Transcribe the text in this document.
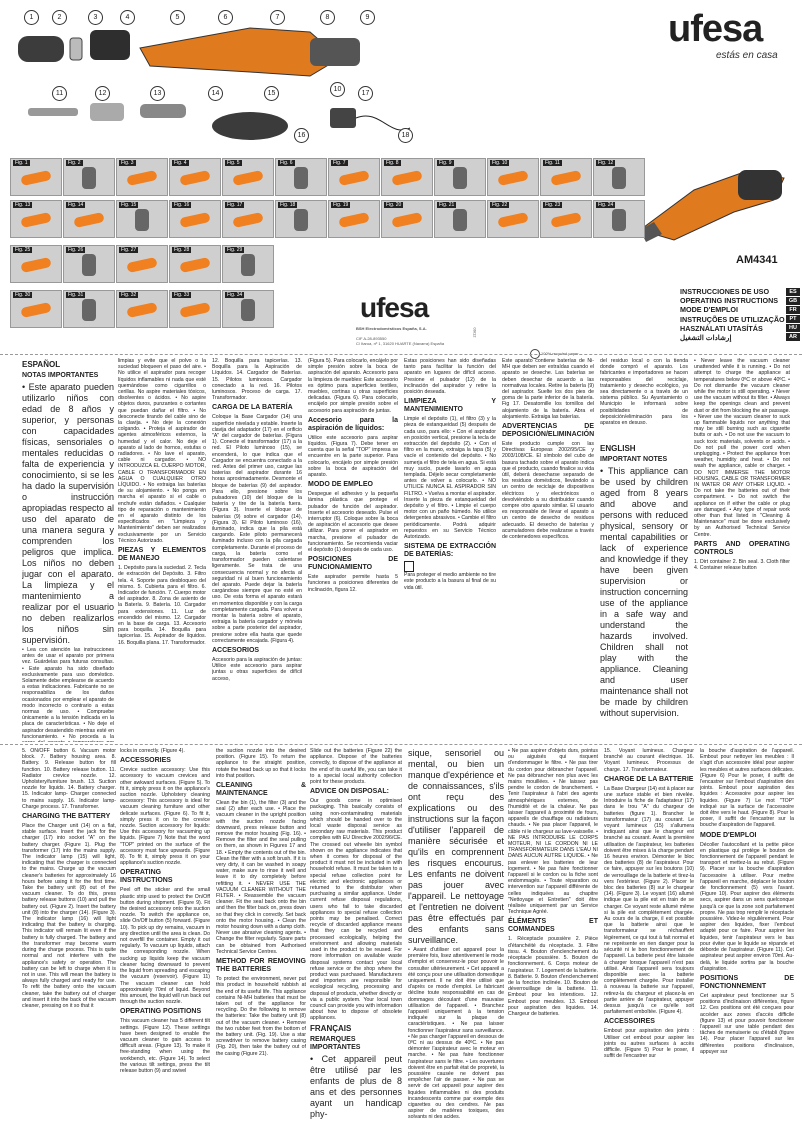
ufesa
estás en casa
1	2	3	4	5	6	7	8	9
10
11	12	13	14	15
16
17
18
AM4341
Fig. 1	Fig. 2	Fig. 3	Fig. 4	Fig. 5	Fig. 6	Fig. 7	Fig. 8	Fig. 9	Fig. 10	Fig. 11	Fig. 12
Fig. 13	Fig. 14	Fig. 15	Fig. 16	Fig. 17	Fig. 18	Fig. 19	Fig. 20	Fig. 21	Fig. 22	Fig. 23	Fig. 24
Fig. 25	Fig. 26	Fig. 27	Fig. 28	Fig. 29
Fig. 30	Fig. 31	Fig. 32	Fig. 33	Fig. 34	ufesa
BSH Electrodomésticos España, S.A.
CIF A-28-893550
C/ Itaroa, nº 1, 31620 HUARTE (Navarra) España
09/12
100% recycled paper
INSTRUCCIONES DE USO
OPERATING INSTRUCTIONS
MODE D'EMPLOI
INSTRUÇÕES DE UTILIZAÇÃO
HASZNÁLATI UTASÍTÁS
إرشادات التشغيل
ES
GB
FR
PT
HU
AR
ESPAÑOL
NOTAS IMPORTANTES

• Este aparato pueden utilizarlo niños con edad de 8 años y superior, y personas con capacidades físicas, sensoriales o mentales reducidas o falta de experiencia y conocimiento, si se les ha dado la supervisión o instrucción apropiadas respecto al uso del aparato de una manera segura y comprenden los peligros que implica. Los niños no deben jugar con el aparato. La limpieza y el mantenimiento a realizar por el usuario no deben realizarlos los niños sin supervisión.

• Lea con atención las instrucciones antes de usar el aparato por primera vez. Guárdelas para futuras consultas. • Este aparato ha sido diseñado exclusivamente para uso doméstico. Solamente debe emplearse de acuerdo a estas indicaciones. Fabricante no se responsabiliza de los daños ocasionados por emplear el aparato de modo incorrecto o contrario a estas normas de uso. • Compruebe únicamente a la tensión indicada en la placa de características. • No deje el aspirador desatendido mientras esté en funcionamiento. • No proceda a la

limpias y evite que el polvo o la suciedad bloqueen el paso del aire. • No utilice el aspirador para recoger líquidos inflamables ni nada que esté quemándose como cigarrillos o cerillas. No aspire materiales tóxicos, disolventes o ácidos. • No aspire objetos duros, punzantes o cortantes que puedan dañar el filtro. • No desconecte tirando del cable sino de la clavija. • No deje la conexión colgando. • Proteja el aspirador de agentes atmosféricos externos, la humedad y el calor. No deje el aparato al lado de hornos, estufas o radiadores. • No lave el aparato, cable ni cargador. • NO INTRODUZCA EL CUERPO MOTOR, CABLE O TRANSFORMADOR EN AGUA O CUALQUIER OTRO LÍQUIDO. • No extraiga las baterías de su alojamiento. • No ponga en marcha el aparato si el cable o enchufe están dañados. • Cualquier tipo de reparación o mantenimiento en el aparato distinto de los especificados en "Limpieza y Mantenimiento" deben ser realizados exclusivamente por un Servicio Técnico Autorizado.

PIEZAS Y ELEMENTOS DE MANEJO

1. Depósito para la suciedad. 2. Tecla de extracción del Depósito. 3. Filtro tela. 4. Soporte para desbloqueo del mismo. 5. Cubierta para el filtro. 6. Indicador de función. 7. Cuerpo motor del aspirador. 8. Zona de asiento de la Batería. 9. Batería. 10. Cargador para extensiones. 11. Luz de encendido del mismo. 12. Cargador en la base de carga. 13. Accesorio para boquilla. 14. Boquilla para tapicerías. 15. Aspirador de líquidos. 16. Boquilla plana. 17. Transformador.

12. Boquilla para tapicerías. 13. Boquilla para la Aspiración de Líquidos. 14. Cargador de Baterías. 15. Pilotos luminosos. Cargador conectado a la red. 16. Pilotos luminosos. Proceso de carga. 17. Transformador.

CARGA DE LA BATERÍA

Coloque la Base Cargador (14) una superficie nivelada y estable. Inserte la clavija del adaptador (17) en el orificio "A" del cargador de baterías. (Figura 1). Conecte el transformador (17) a la red. El Piloto luminoso (15), se encenderá, lo que indica que el Cargador se encuentra conectado a la red. Antes del primer uso, cargue las baterías del aspirador durante 16 horas aproximadamente. Desmonte el bloque de baterías (9) del aspirador. Para ello, presione sobre los pulsadores (10) del bloque de la batería y tire de la batería fuera. (Figura 3). Inserte el bloque de baterías (9) sobre el cargador (14), (Figura 3). El Piloto luminoso (16), iluminado, indica que la pila está cargando. Este piloto permanecerá iluminado incluso con la pila cargada completamente. Durante el proceso de carga, la batería como el transformador pueden calentarse ligeramente. Se trata de una consecuencia normal y no afecta al seguridad ni al buen funcionamiento del aparato. Puede dejar la batería cargándose siempre que no esté en uso. De esta forma el aparato estará en momentos disponible y con la carga completamente cargada. Para volver a montar la batería sobre el aparato, extraiga la batería cargador y mónela sobre a parte posterior del aspirador, presione sobre ella hasta que quede correctamente encajada. (Figura 4).

ACCESORIOS

Accesorio para la aspiración de juntas: Utilice este accesorio para aspirar juntas u otras superficies de difícil acceso,

(Figura 5). Para colocarlo, encájelo por simple presión sobre la boca de aspiración del aparato. Accesorio para la limpieza de muebles: Este accesorio es óptimo para superficies textiles, muebles, cortinas u otras superficies delicadas. (Figura 6). Para colocarlo, encájelo por simple presión sobre el accesorio para aspiración de juntas.

Accesorio para la aspiración de líquidos:

Utilice este accesorio para aspirar líquidos. (Figura 7). Debe tener en cuenta que la señal "TOP" impresa se encuentre en la parte superior. Para colocarlo, encájelo por simple presión sobre la boca de aspiración del aparato.

MODO DE EMPLEO

Despegue el adhesivo y la pequeña lámina plástica que protege el pulsador de función del aspirador. Inserte el accesorio deseado. Pulse el interruptor (6). Coloque sobre la boca de aspiración el accesorio que desee utilizar. Para poner el aspirador en marcha, presione el pulsador de funcionamiento. Se recomienda vaciar el depósito (1) después de cada uso.

POSICIONES DE FUNCIONAMIENTO

Este aspirador permite hasta 5 funciones a posiciones diferentes de inclinación, figura 12.

Estas posiciones han sido diseñadas tanto para facilitar la función del aparato en lugares de difícil acceso. Presione el pulsador (12) de la inclinación del aspirador y retire la posición deseada.

LIMPIEZA Y MANTENIMIENTO

Limpie el depósito (1), el filtro (3) y la pieza de estanqueidad (5) después de cada uso, para ello: • Con el aspirador en posición vertical, presione la tecla de extracción del depósito (2). • Con el filtro en la mano, extraiga la tapa (5) y vacíe el contenido del depósito. • No sumerja el filtro de tela en agua. Si está muy sucio, puede lavarlo en agua templada. Déjelo secar completamente antes de volver a colocarlo. • NO UTILICE NUNCA EL ASPIRADOR SIN FILTRO. • Vuelva a montar el aspirador. Inserte la pieza de estanqueidad del depósito y el filtro. • Limpie el cuerpo motor con un paño húmedo. No utilice detergentes abrasivos. • Cambie el filtro periódicamente. Podrá adquirir repuestos en su Servicio Técnico Autorizado.

SISTEMA DE EXTRACCIÓN DE BATERÍAS:

Para proteger el medio ambiente no tire este producto a la basura al final de su vida útil.

Este aparato contiene baterías de Ni-MH que deben ser extraídas cuando el aparato se deseche. Las baterías se deben desechar de acuerdo a las normativas locales. Retire la batería (9) del aspirador. Suelte los dos pies de goma de la parte inferior de la batería. Fig 17. Desatornille los tornillos del alojamiento de la batería. Abra el alojamiento. Extraiga las baterías.

ADVERTENCIAS DE DEPOSICIÓN/ELIMINACIÓN

Este producto cumple con las Directivas Europeas 2002/95/CE y 2003/108/CE. El símbolo del cubo de basura tachado sobre el aparato indica que el producto, cuando finalice su vida útil, deberá desecharse separado de los residuos domésticos, llevándolo a un centro de reciclaje de dispositivos eléctricos y electrónicos o devolviéndolo a su distribuidor cuando compre otro aparato similar. El usuario es responsable de llevar el aparato a un centro de desecho de residuos adecuado. El desecho de baterías y acumuladores debe realizarse a través de contenedores específicos.

del residuo local o con la tienda donde compró el aparato. Los fabricantes e importadores se hacen responsables del reciclaje, tratamiento y desecho ecológico, ya sea directamente o a través de un sistema público. Su Ayuntamiento o Municipio le informará sobre posibilidades de deposición/eliminación para los aparatos en desuso.

ENGLISH
IMPORTANT NOTES

• This appliance can be used by children aged from 8 years and above and persons with reduced physical, sensory or mental capabilities or lack of experience and knowledge if they have been given supervision or instruction concerning use of the appliance in a safe way and understand the hazards involved. Children shall not play with the appliance. Cleaning and user maintenance shall not be made by children without supervision.

• Never leave the vacuum cleaner unattended while it is running. • Do not attempt to charge the appliance at temperatures below 0ºC or above 40ºC. • Do not dismantle the vacuum cleaner while the motor is still operating. • Never use the vacuum without its filter. • Always keep the openings clean and prevent dust or dirt from blocking the air passage. • Never use the vacuum cleaner to suck up flammable liquids nor anything that may be still burning such as cigarette butts or ash. • Do not use the vacuum to suck toxic materials, solvents or acids. • Do not pull the power cord when unplugging. • Protect the appliance from weather, humidity and heat. • Do not wash the appliance, cable or charger. • DO NOT IMMERSE THE MOTOR HOUSING, CABLE OR TRANSFORMER IN WATER OR ANY OTHER LIQUID. • Do not take the batteries out of their compartment. • Do not switch the appliance on if either the cable or plug are damaged. • Any type of repair work other than that listed in "Cleaning & Maintenance" must be done exclusively by an Authorised Technical Service Centre.

PARTS AND OPERATING CONTROLS

1. Dirt container 2. Bin seal. 3. Cloth filter 4. Container release button

5. ON/OFF button 6. Vacuum motor block. 7. Battery housing area. 8. Battery. 9. Release button for fill function. 10. Battery release button. 11. Radiator crevice nozzle. 12. Upholstery/furniture brush. 13. Suction nozzle for liquids. 14. Battery charger. 15. Indicator lamp- Charger connected to mains supply. 16. Indicator lamp- Charge process. 17. Transformer.

CHARGING THE BATTERY

Place the Charger unit (14) on a flat, stable surface. Insert the jack for the charger (17) into socket "A" on the battery charger. (Figure 1). Plug the transformer (17) into the mains supply. The indicator lamp (15) will light, indicating that the charger is connected to the mains. Charge up the vacuum cleaner's batteries for approximately 16 hours before using it for the first time. Take the battery unit (8) out of the vacuum cleaner. To do this, press battery release buttons (10) and pull the battery out. (Figure 2). Insert the battery unit (8) into the charger (14). (Figure 3). The indicator lamp (16) will light indicating that the battery is charging. This indicator will remain lit even if the battery is fully charged. The battery and the transformer may become warm during the charge process. This is quite normal and not interfere with the appliance's safety or operation. The battery can be left to charge when it is not in use. This will mean the battery is always fully charged and ready for use. To refit the battery onto the vacuum cleaner, take the battery out of charger and insert it into the back of the vacuum cleaner, pressing on it so that it

locks in correctly. (Figure 4).

ACCESSORIES

Crevice suction accessory: Use this accessory to vacuum crevices and other awkward surfaces. (Figure 5). To fit it, simply press it on the appliance's suction nozzle. Upholstery cleaning accessory: This accessory is ideal for vacuum cleaning furniture and other delicate surfaces. (Figure 6). To fit it, simply press it on to the crevice nozzle. Suction accessory for liquids: Use this accessory for vacuuming up liquids. (Figure 7) Note that the word "TOP" printed on the surface of the accessory must face upwards. (Figure 8). To fit it, simply press it on your appliance's suction nozzle.

OPERATING INSTRUCTIONS

Peel off the sticker and the small plastic strip used to protect the On/Off button during shipment. (Figure 9). Fit the desired accessory onto the suction nozzle. To switch the appliance on, slide On/Off button (5) forward. (Figure 10). To pick up dry remains, vacuum in any direction until the area is clean. Do not overfill the container. Empty it out regularly. To vacuum up liquids, attach the corresponding nozzle. When sucking up liquids keep the vacuum cleaner facing downward to prevent the liquid from spreading and escaping the vacuum (reservoir). (Figure 11) The vacuum cleaner can hold approximately 70ml of liquid. Beyond this amount, the liquid will run back out through the suction nozzle.

OPERATING POSITIONS

This vacuum cleaner has 5 different tilt settings. (Figure 12). These settings have been designed to enable the vacuum cleaner to gain access to difficult areas. (Figure 13). To make it free-standing when using the workbench, etc. (Figure 14). To select the various tilt settings, press the tilt release button (9) and swivel

the suction nozzle into the desired position. (Figure 15). To return the appliance to the straight position, rotate the head back up so that it locks into that position.

CLEANING & MAINTENANCE

Clean the bin (1), the filter (3) and the seal (2) after each use. • Place the vacuum cleaner in the upright position with the suction nozzle facing downward, press release button and remove the motor housing (Fig. 16). • Remove the filter and the seal pulling on them, as shown in Figures 17 and 18. • Empty the contents out of the bin. Clean the filter with a soft brush. If it is very dirty, it can be washed in soapy water, make sure to rinse it well and leave it to dry completely before refitting it. • NEVER USE THE VACUUM CLEANER WITHOUT THE FILTER. • Reassemble the vacuum cleaner. Fit the seal back onto the bin and then the filter back on, press down so that they click in correctly. Set back onto the motor housing. • Clean the motor housing down with a damp cloth. Never use abrasive cleaning agents. • Change the filter regularly. Spare parts can be obtained from Authorised Technical Service Centres.

METHOD FOR REMOVING THE BATTERIES

To protect the environment, never put this product in household rubbish at the end of its useful life. This appliance contains Ni-MH batteries that must be taken out of the appliance for recycling. Do the following to remove the batteries: Take the battery unit (8) out of the vacuum cleaner. • Remove the two rubber feet from the bottom of the battery unit. (Fig. 19). Use a star screwdriver to remove battery casing (Fig. 20), then take the battery out of the casing (Figure 21).

Slide out the batteries (Figure 22) the appliance. Dispose of the batteries correctly, to dispose of the appliance at the end of its useful life, you can take it to a special local authority collection point for these products.

ADVICE ON DISPOSAL:

Our goods come in optimised packaging. This basically consists of using non-contaminating materials which should be handed over to the local waste disposal service as secondary raw materials. This product complies with EU Directive 2002/96/CE. The crossed out wheelie bin symbol shown on the appliance indicates that when it comes for disposal of the product it must not be included in with household refuse. It must be taken to a special refuse collection point for electric and electronic appliances or returned to the distributor when purchasing a similar appliance. Under current refuse disposal regulations, users who fail to take discarded appliances to special refuse collection points may be penalised. Correct recycle of discarded appliance means that they can be recycled and processed ecologically, helping the environment and allowing materials used in the product to be reused. For more information on available waste disposal systems contact your local refuse service or the shop where the product was purchased. Manufacturers and importers are responsible for ecological recycling, processing and disposal of products, whether directly or via a public system. Your local town council can provide you with information about how to dispose of obsolete appliances.

FRANÇAIS
REMARQUES IMPORTANTES

• Cet appareil peut être utilisé par les enfants de plus de 8 ans et des personnes ayant un handicap phy-

sique, sensoriel ou mental, ou bien un manque d'expérience et de connaissances, s'ils ont reçu des explications ou des instructions sur la façon d'utiliser l'appareil de manière sécurisée et qu'ils en comprennent les risques encourus. Les enfants ne doivent pas jouer avec l'appareil. Le nettoyage et l'entretien ne doivent pas être effectués par des enfants sans surveillance.

• Avant d'utiliser cet appareil pour la première fois, lisez attentivement le mode d'emploi et conservez-le pour pouvoir le consulter ultérieurement. • Cet appareil a été conçu pour une utilisation domestique uniquement. Il ne doit être utilisé que d'après ce mode d'emploi. Le fabricant décline toute responsabilité en cas de dommages découlant d'une mauvaise utilisation de l'appareil. • Branchez l'appareil uniquement à la tension indiquée sur la plaque de caractéristiques. • Ne pas laisser fonctionner l'aspirateur sans surveillance. • Ne pas charger l'appareil en dessous de 0ºC ni au dessus de 40ºC. • Ne pas démonter l'aspirateur avec le moteur en marche. • Ne pas faire fonctionner l'aspirateur sans le filtre. • Les ouvertures doivent être en parfait état de propreté, la poussière causée ne doivent pas empêcher l'air de passer. • Ne pas se servir de cet appareil pour aspirer des liquides inflammables ni des produits incandescents comme par exemple des cigarettes ou des cendres. Ne pas aspirer de matières toxiques, des solvants ni des acides.

• Ne pas aspirer d'objets durs, pointus ou aiguisés qui risquent d'endommager le filtre. • Ne pas tirer du cordon pour débrancher l'appareil. Ne pas débrancher non plus avec les mains mouillées. • Ne laissez pas pendre le cordon de branchement. • Tenir l'aspirateur à l'abri des agents atmosphériques externes, de l'humidité et de la chaleur. Ne pas laisser l'appareil à proximité de fours, appareils de chauffage ou radiateurs chauds. • Ne pas placer l'appareil, le câble ni le chargeur au lave-vaisselle. • NE PAS INTRODUIRE LE CORPS MOTEUR, NI LE CORDON NI LE TRANSFORMATEUR DANS L'EAU NI DANS AUCUN AUTRE LIQUIDE. • Ne pas enlever les batteries de leur logement. • Ne pas faire fonctionner l'appareil si le cordon ou la fiche sont endommagés. • Toute réparation ou intervention sur l'appareil différente de celles indiquées au chapitre "Nettoyage et Entretien" doit être réalisée uniquement par un Service Technique Agréé.

ÉLÉMENTS ET COMMANDES

1. Réceptacle poussière 2. Pièce d'étanchéité du réceptacle. 3. Filtre tissu. 4. Bouton d'enclenchement du réceptacle poussière. 5. Bouton de fonctionnement. 6. Corps moteur de l'aspirateur. 7. Logement de la batterie. 8. Batterie. 9. Bouton d'enclenchement de la fonction inclinée. 10. Bouton de déverrouillage de la batterie. 11. Embout pour les interstices. 12. Embout pour meubles. 13. Embout pour aspiration des liquides. 14. Chargeur de batteries.

15. Voyant lumineux. Chargeur branché au courant électrique. 16. Voyant lumineux. Processus de charge. 17. Transformateur.

CHARGE DE LA BATTERIE

La Base Chargeur (14) est à placer sur une surface stable et bien nivelée. Introduire la fiche de l'adaptateur (17) dans le trou "A" du chargeur de batteries (figure 1). Brancher le transformateur (17) au courant. Le voyant lumineux (15) s'allumera indiquant ainsi que le chargeur est branché au courant. Avant la première utilisation de l'aspirateur, les batteries doivent être mises à la charge pendant 16 heures environ. Démonter le bloc des batteries (8) de l'aspirateur. Pour ce faire, appuyer sur les boutons (10) de verrouillage de la batterie et tirez-la vers l'extérieur. (Figure 2). Placer le bloc des batteries (8) sur le chargeur (14). (Figure 3). Le voyant (16) allumé indique que la pile est en train de se charger. Ce voyant reste allumé même si la pile est complètement chargée. Au cours de la charge, il est possible que la batterie ainsi que le transformateur se réchauffent légèrement, ce qui tout à fait normal et ne représente en rien danger pour la sécurité ni le bon fonctionnement de l'appareil. La batterie peut être laissée à charger lorsque l'appareil n'est pas utilisé. Ainsi l'appareil sera toujours disponible avec la batterie complètement chargée. Pour installer à nouveau la batterie sur l'appareil, retirez-la du chargeur et placez-la en partie arrière de l'aspirateur, appuyer dessus jusqu'à ce qu'elle soit parfaitement emboîtée. (Figure 4).

ACCESSOIRES

Embout pour aspiration des joints : Utiliser cet embout pour aspirer les joints ou autres surfaces à accès difficile. (Figure 5) Pour le poser, il suffit de l'encastrer sur

la bouche d'aspiration de l'appareil. Embout pour nettoyer les meubles : Il s'agit d'un accessoire idéal pour aspirer les meubles et autres surfaces délicates. (Figure 6) Pour le poser, il suffit de l'encastrer sur l'embout d'aspiration des joints. Embout pour aspiration des liquides : Accessoire pour aspirer les liquides. (Figure 7) Le mot "TOP" indiqué sur la surface de l'accessoire doit être vers le haut. (Figure 8). Pour le poser, il suffit de l'encastrer sur la bouche d'aspiration de l'appareil.

MODE D'EMPLOI

Décoller l'autocollant et la petite pièce en plastique qui protège le bouton de fonctionnement de l'appareil pendant le transport et mettez-la au rebut. (Figure 9). Placer sur la bouche d'aspiration l'accessoire à utiliser. Pour mettre l'appareil en marche, déplacer le bouton de fonctionnement (5) vers l'avant. (Figure 10). Pour aspirer des éléments secs, aspirer dans un sens quelconque jusqu'à ce que la zone soit parfaitement propre. Ne pas trop remplir le réceptacle poussière. Videz-le régulièrement. Pour aspirer des liquides, fixer l'embout adapté pour ce faire. Pour aspirer les liquides, tenir l'aspirateur vers le bas pour éviter que le liquide se répande et déborde de l'aspirateur. (Figure 11). Cet aspirateur peut aspirer environ 70ml. Au-delà, le liquide sortira par la bouche d'aspiration.

POSITIONS DE FONCTIONNEMENT

Cet aspirateur peut fonctionner sur 5 positions d'inclinaison différentes, figure 12. Ces positions ont été conçues pour accéder aux zones d'accès difficile (figure 13) et pour pouvoir fonctionner l'appareil sur une table pendant des tâches de menuiserie ou d'établi (figure 14). Pour placer l'appareil sur les différentes positions d'inclinaison, appuyer sur
